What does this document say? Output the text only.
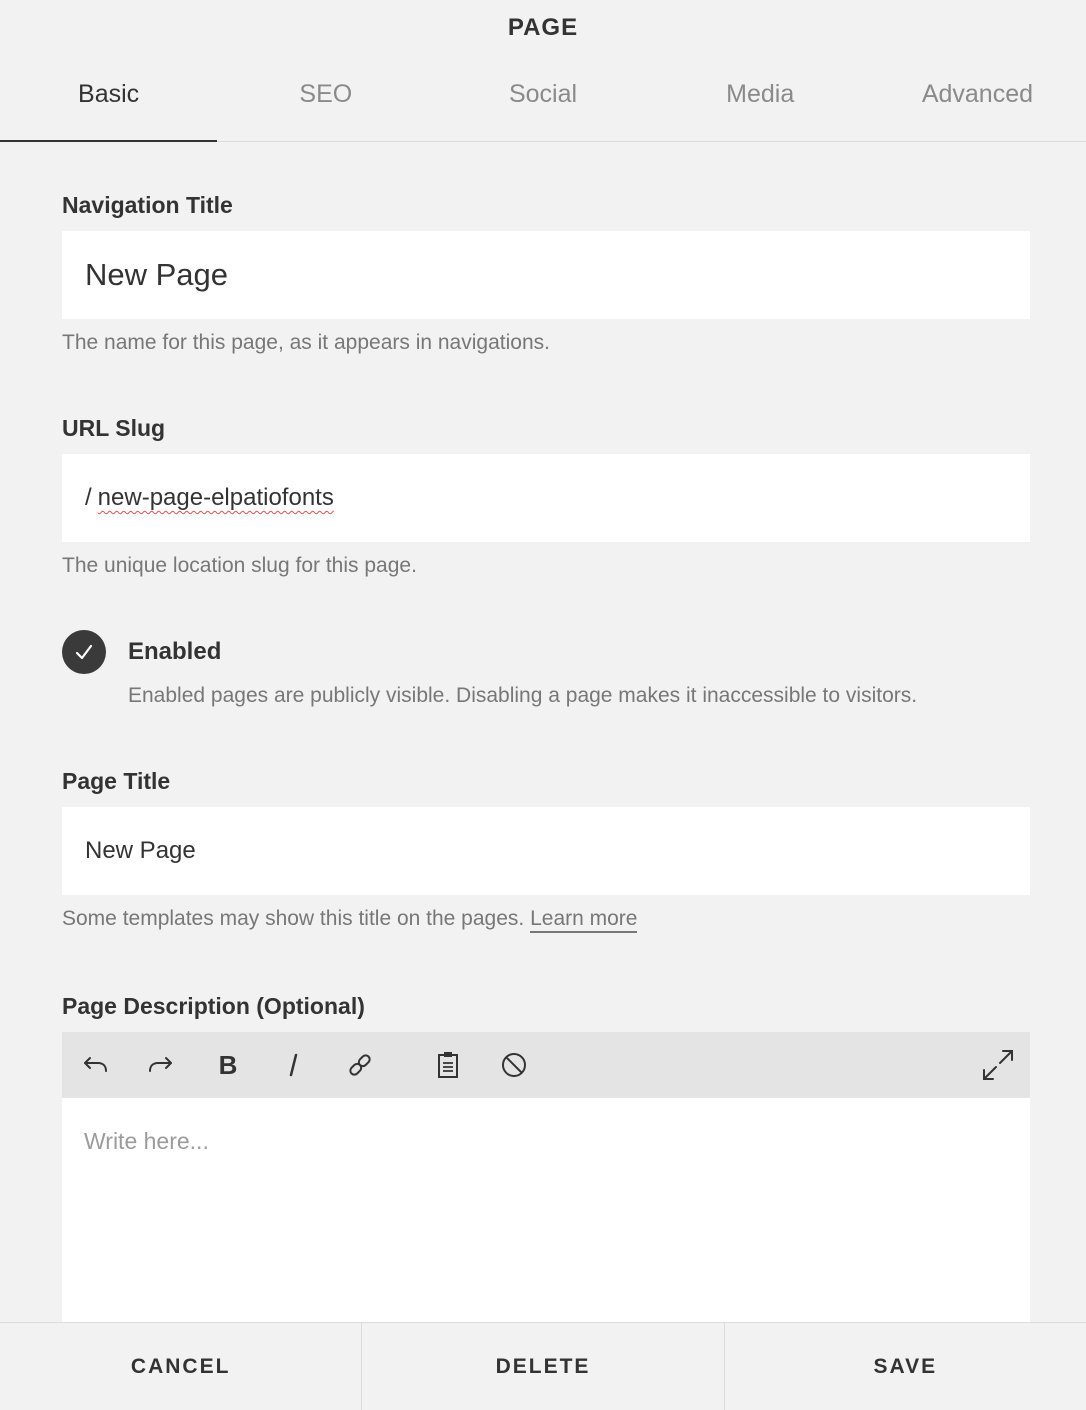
PAGE
Basic	SEO	Social	Media	Advanced
Navigation Title
New Page
The name for this page, as it appears in navigations.
URL Slug
/ new-page-elpatiofonts
The unique location slug for this page.
Enabled
Enabled pages are publicly visible. Disabling a page makes it inaccessible to visitors.
Page Title
New Page
Some templates may show this title on the pages. Learn more
Page Description (Optional)
B
Write here...
CANCEL	DELETE	SAVE
